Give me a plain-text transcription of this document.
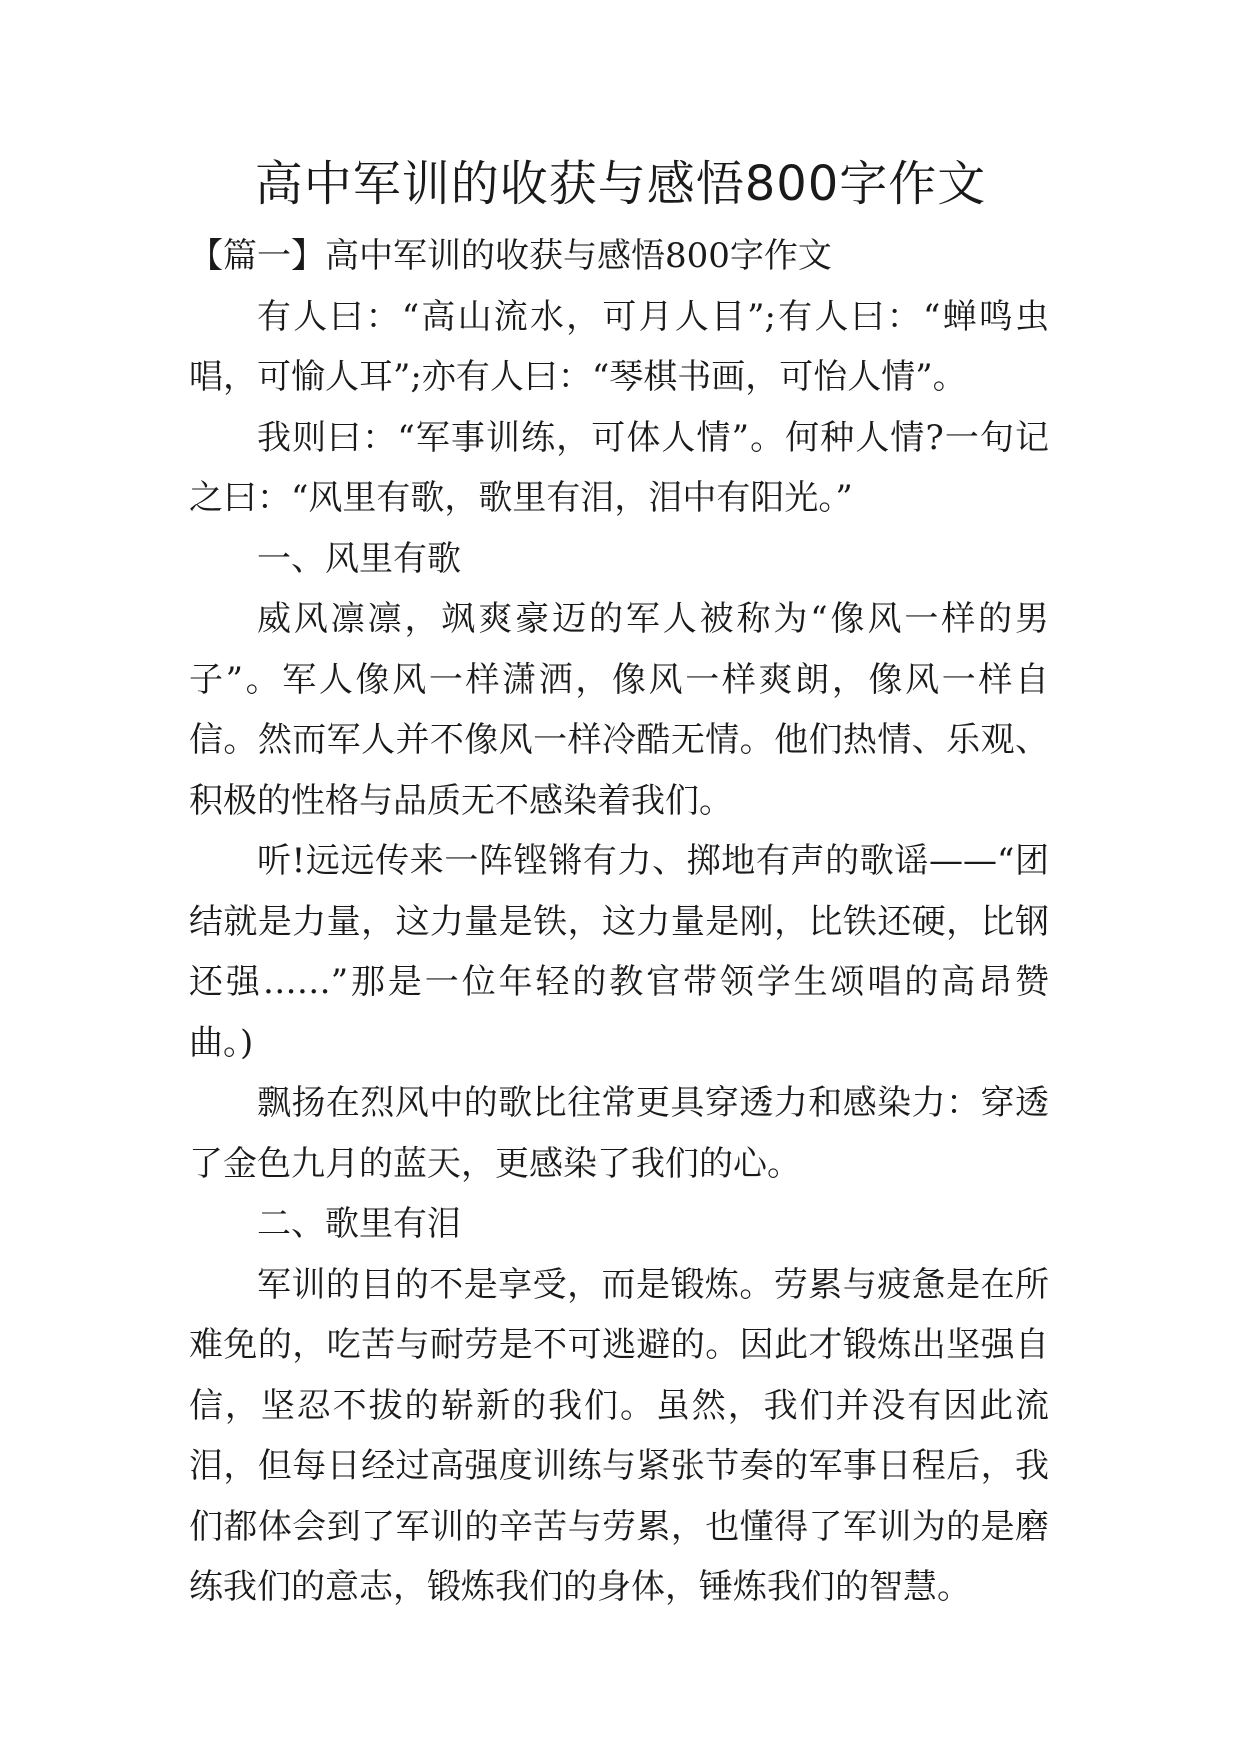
高中军训的收获与感悟800字作文

【篇一】高中军训的收获与感悟800字作文

有人曰：“高山流水，可月人目”;有人曰：“蝉鸣虫唱，可愉人耳”;亦有人曰：“琴棋书画，可怡人情”。

我则曰：“军事训练，可体人情”。何种人情?一句记之曰：“风里有歌，歌里有泪，泪中有阳光。”

一、风里有歌

威风凛凛，飒爽豪迈的军人被称为“像风一样的男子”。军人像风一样潇洒，像风一样爽朗，像风一样自信。然而军人并不像风一样冷酷无情。他们热情、乐观、积极的性格与品质无不感染着我们。

听!远远传来一阵铿锵有力、掷地有声的歌谣——“团结就是力量，这力量是铁，这力量是刚，比铁还硬，比钢还强……”那是一位年轻的教官带领学生颂唱的高昂赞曲。)

飘扬在烈风中的歌比往常更具穿透力和感染力：穿透了金色九月的蓝天，更感染了我们的心。

二、歌里有泪

军训的目的不是享受，而是锻炼。劳累与疲惫是在所难免的，吃苦与耐劳是不可逃避的。因此才锻炼出坚强自信，坚忍不拔的崭新的我们。虽然，我们并没有因此流泪，但每日经过高强度训练与紧张节奏的军事日程后，我们都体会到了军训的辛苦与劳累，也懂得了军训为的是磨练我们的意志，锻炼我们的身体，锤炼我们的智慧。
